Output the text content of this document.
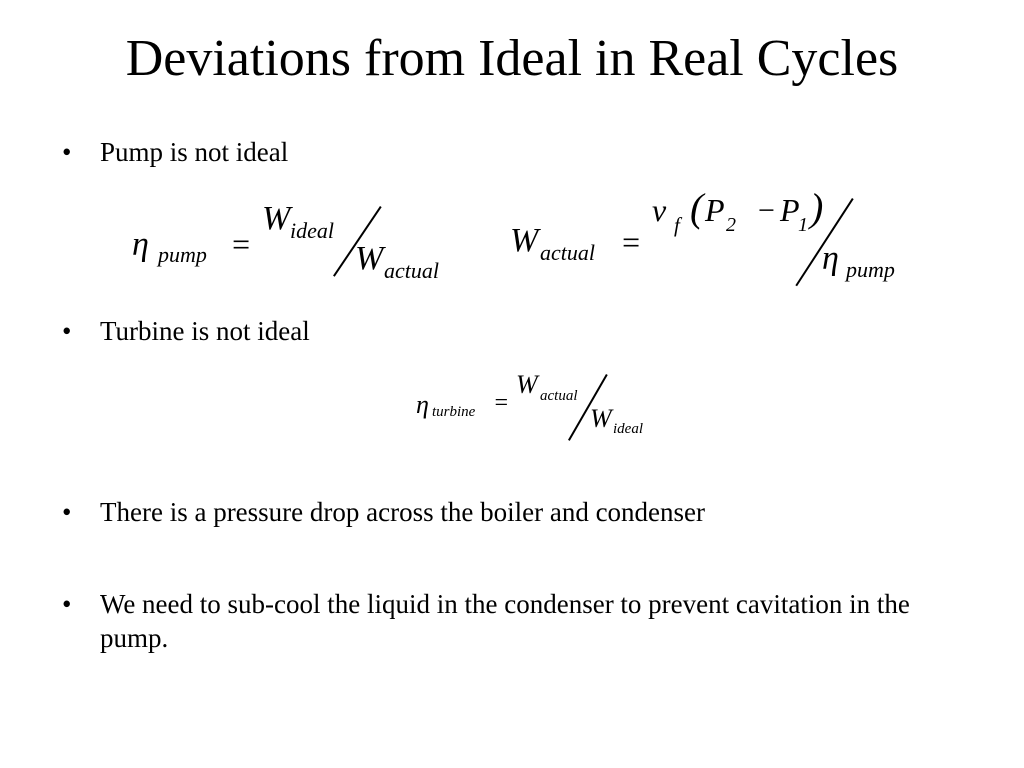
Deviations from Ideal in Real Cycles
•	Pump is not ideal
η pump =
W ideal
W actual
W actual =
v f ( P 2 − P
1 )
η pump
•	Turbine is not ideal
η turbine =
W actual
W ideal
•	There is a pressure drop across the boiler and condenser
•	We need to sub-cool the liquid in the condenser to prevent cavitation in the pump.
